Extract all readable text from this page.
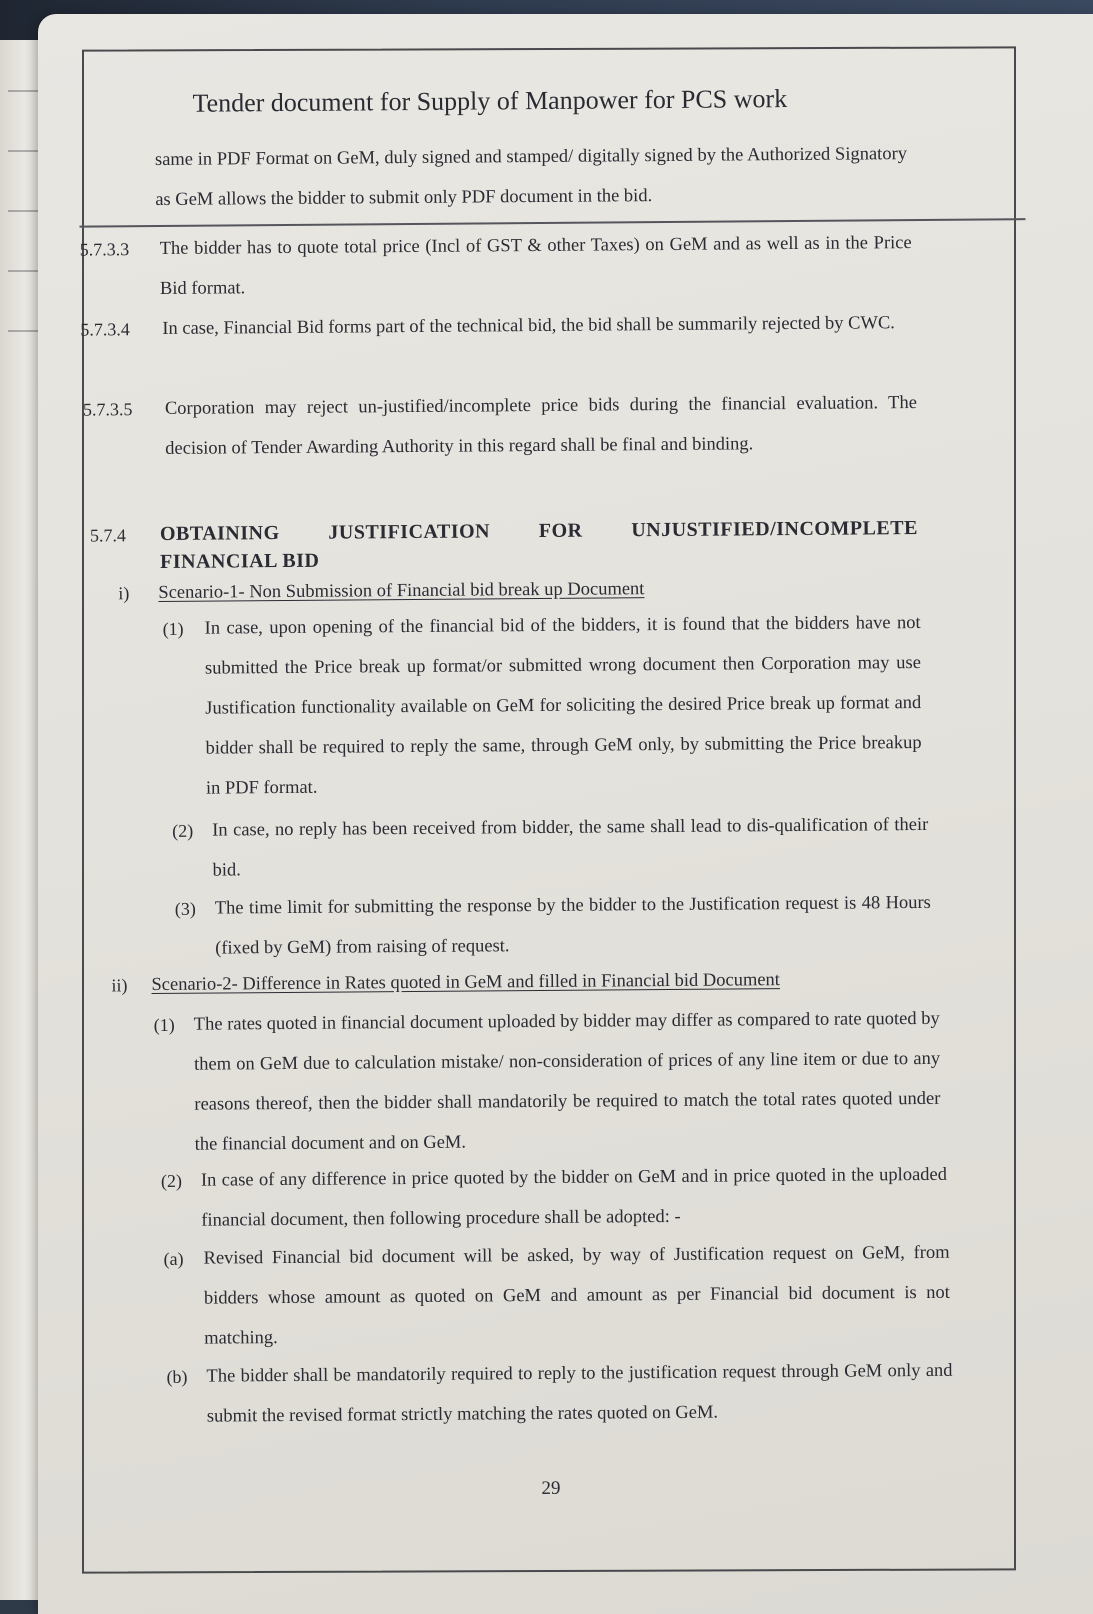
Tender document for Supply of Manpower for PCS work
same in PDF Format on GeM, duly signed and stamped/ digitally signed by the Authorized Signatory as GeM allows the bidder to submit only PDF document in the bid.
5.7.3.3 The bidder has to quote total price (Incl of GST & other Taxes) on GeM and as well as in the Price Bid format.
5.7.3.4 In case, Financial Bid forms part of the technical bid, the bid shall be summarily rejected by CWC.
5.7.3.5 Corporation may reject un-justified/incomplete price bids during the financial evaluation. The decision of Tender Awarding Authority in this regard shall be final and binding.
5.7.4 OBTAINING JUSTIFICATION FOR UNJUSTIFIED/INCOMPLETE
FINANCIAL BID
i) Scenario-1- Non Submission of Financial bid break up Document
(1) In case, upon opening of the financial bid of the bidders, it is found that the bidders have not submitted the Price break up format/or submitted wrong document then Corporation may use Justification functionality available on GeM for soliciting the desired Price break up format and bidder shall be required to reply the same, through GeM only, by submitting the Price breakup in PDF format.
(2) In case, no reply has been received from bidder, the same shall lead to dis-qualification of their bid.
(3) The time limit for submitting the response by the bidder to the Justification request is 48 Hours (fixed by GeM) from raising of request.
ii) Scenario-2- Difference in Rates quoted in GeM and filled in Financial bid Document
(1) The rates quoted in financial document uploaded by bidder may differ as compared to rate quoted by them on GeM due to calculation mistake/ non-consideration of prices of any line item or due to any reasons thereof, then the bidder shall mandatorily be required to match the total rates quoted under the financial document and on GeM.
(2) In case of any difference in price quoted by the bidder on GeM and in price quoted in the uploaded financial document, then following procedure shall be adopted: -
(a) Revised Financial bid document will be asked, by way of Justification request on GeM, from bidders whose amount as quoted on GeM and amount as per Financial bid document is not matching.
(b) The bidder shall be mandatorily required to reply to the justification request through GeM only and submit the revised format strictly matching the rates quoted on GeM.
29
